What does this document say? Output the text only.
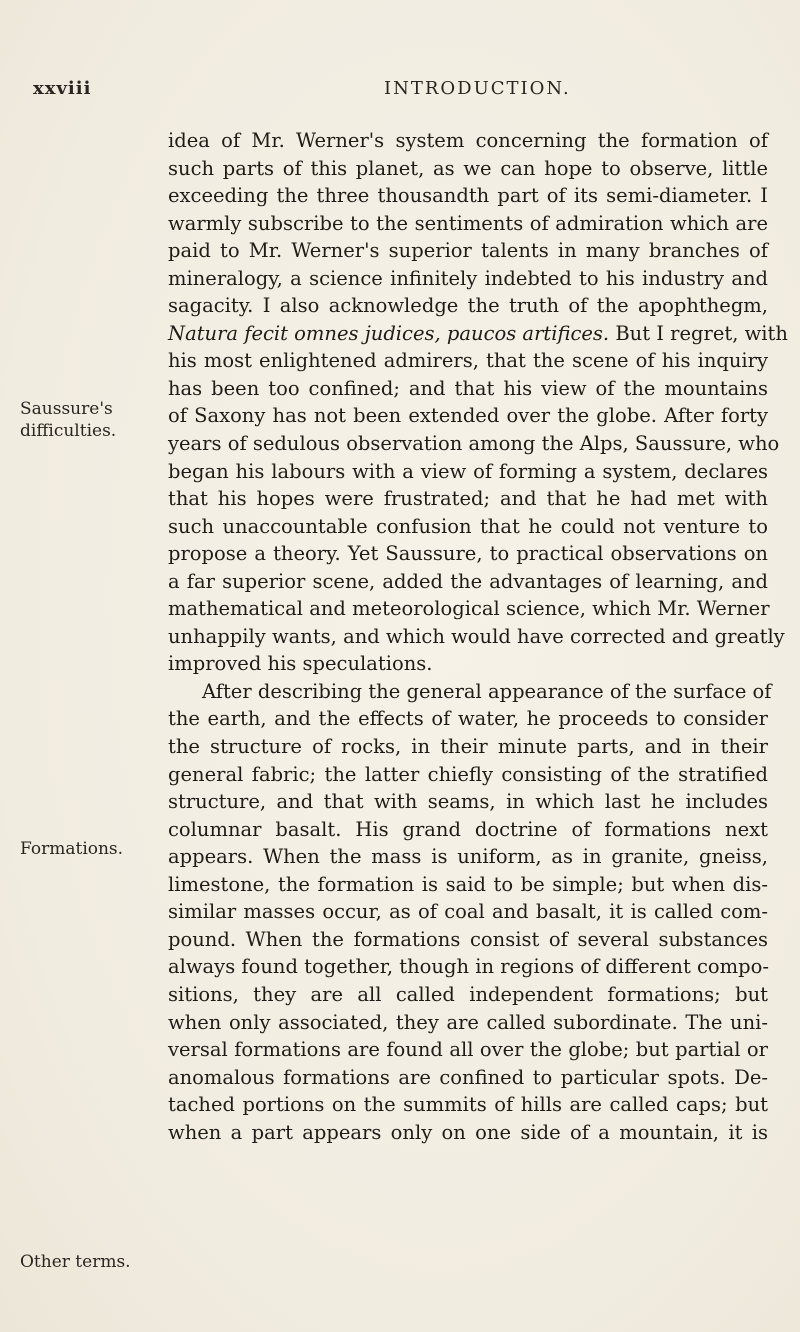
xxviii	INTRODUCTION.
Saussure's
difficulties.
Formations.
Other terms.
idea of Mr. Werner's system concerning the formation of
such parts of this planet, as we can hope to observe, little
exceeding the three thousandth part of its semi-diameter. I
warmly subscribe to the sentiments of admiration which are
paid to Mr. Werner's superior talents in many branches of
mineralogy, a science infinitely indebted to his industry and
sagacity. I also acknowledge the truth of the apophthegm,
Natura fecit omnes judices, paucos artifices. But I regret, with
his most enlightened admirers, that the scene of his inquiry
has been too confined; and that his view of the mountains
of Saxony has not been extended over the globe. After forty
years of sedulous observation among the Alps, Saussure, who
began his labours with a view of forming a system, declares
that his hopes were frustrated; and that he had met with
such unaccountable confusion that he could not venture to
propose a theory. Yet Saussure, to practical observations on
a far superior scene, added the advantages of learning, and
mathematical and meteorological science, which Mr. Werner
unhappily wants, and which would have corrected and greatly
improved his speculations.
After describing the general appearance of the surface of
the earth, and the effects of water, he proceeds to consider
the structure of rocks, in their minute parts, and in their
general fabric; the latter chiefly consisting of the stratified
structure, and that with seams, in which last he includes
columnar basalt. His grand doctrine of formations next
appears. When the mass is uniform, as in granite, gneiss,
limestone, the formation is said to be simple; but when dis-
similar masses occur, as of coal and basalt, it is called com-
pound. When the formations consist of several substances
always found together, though in regions of different compo-
sitions, they are all called independent formations; but
when only associated, they are called subordinate. The uni-
versal formations are found all over the globe; but partial or
anomalous formations are confined to particular spots. De-
tached portions on the summits of hills are called caps; but
when a part appears only on one side of a mountain, it is
